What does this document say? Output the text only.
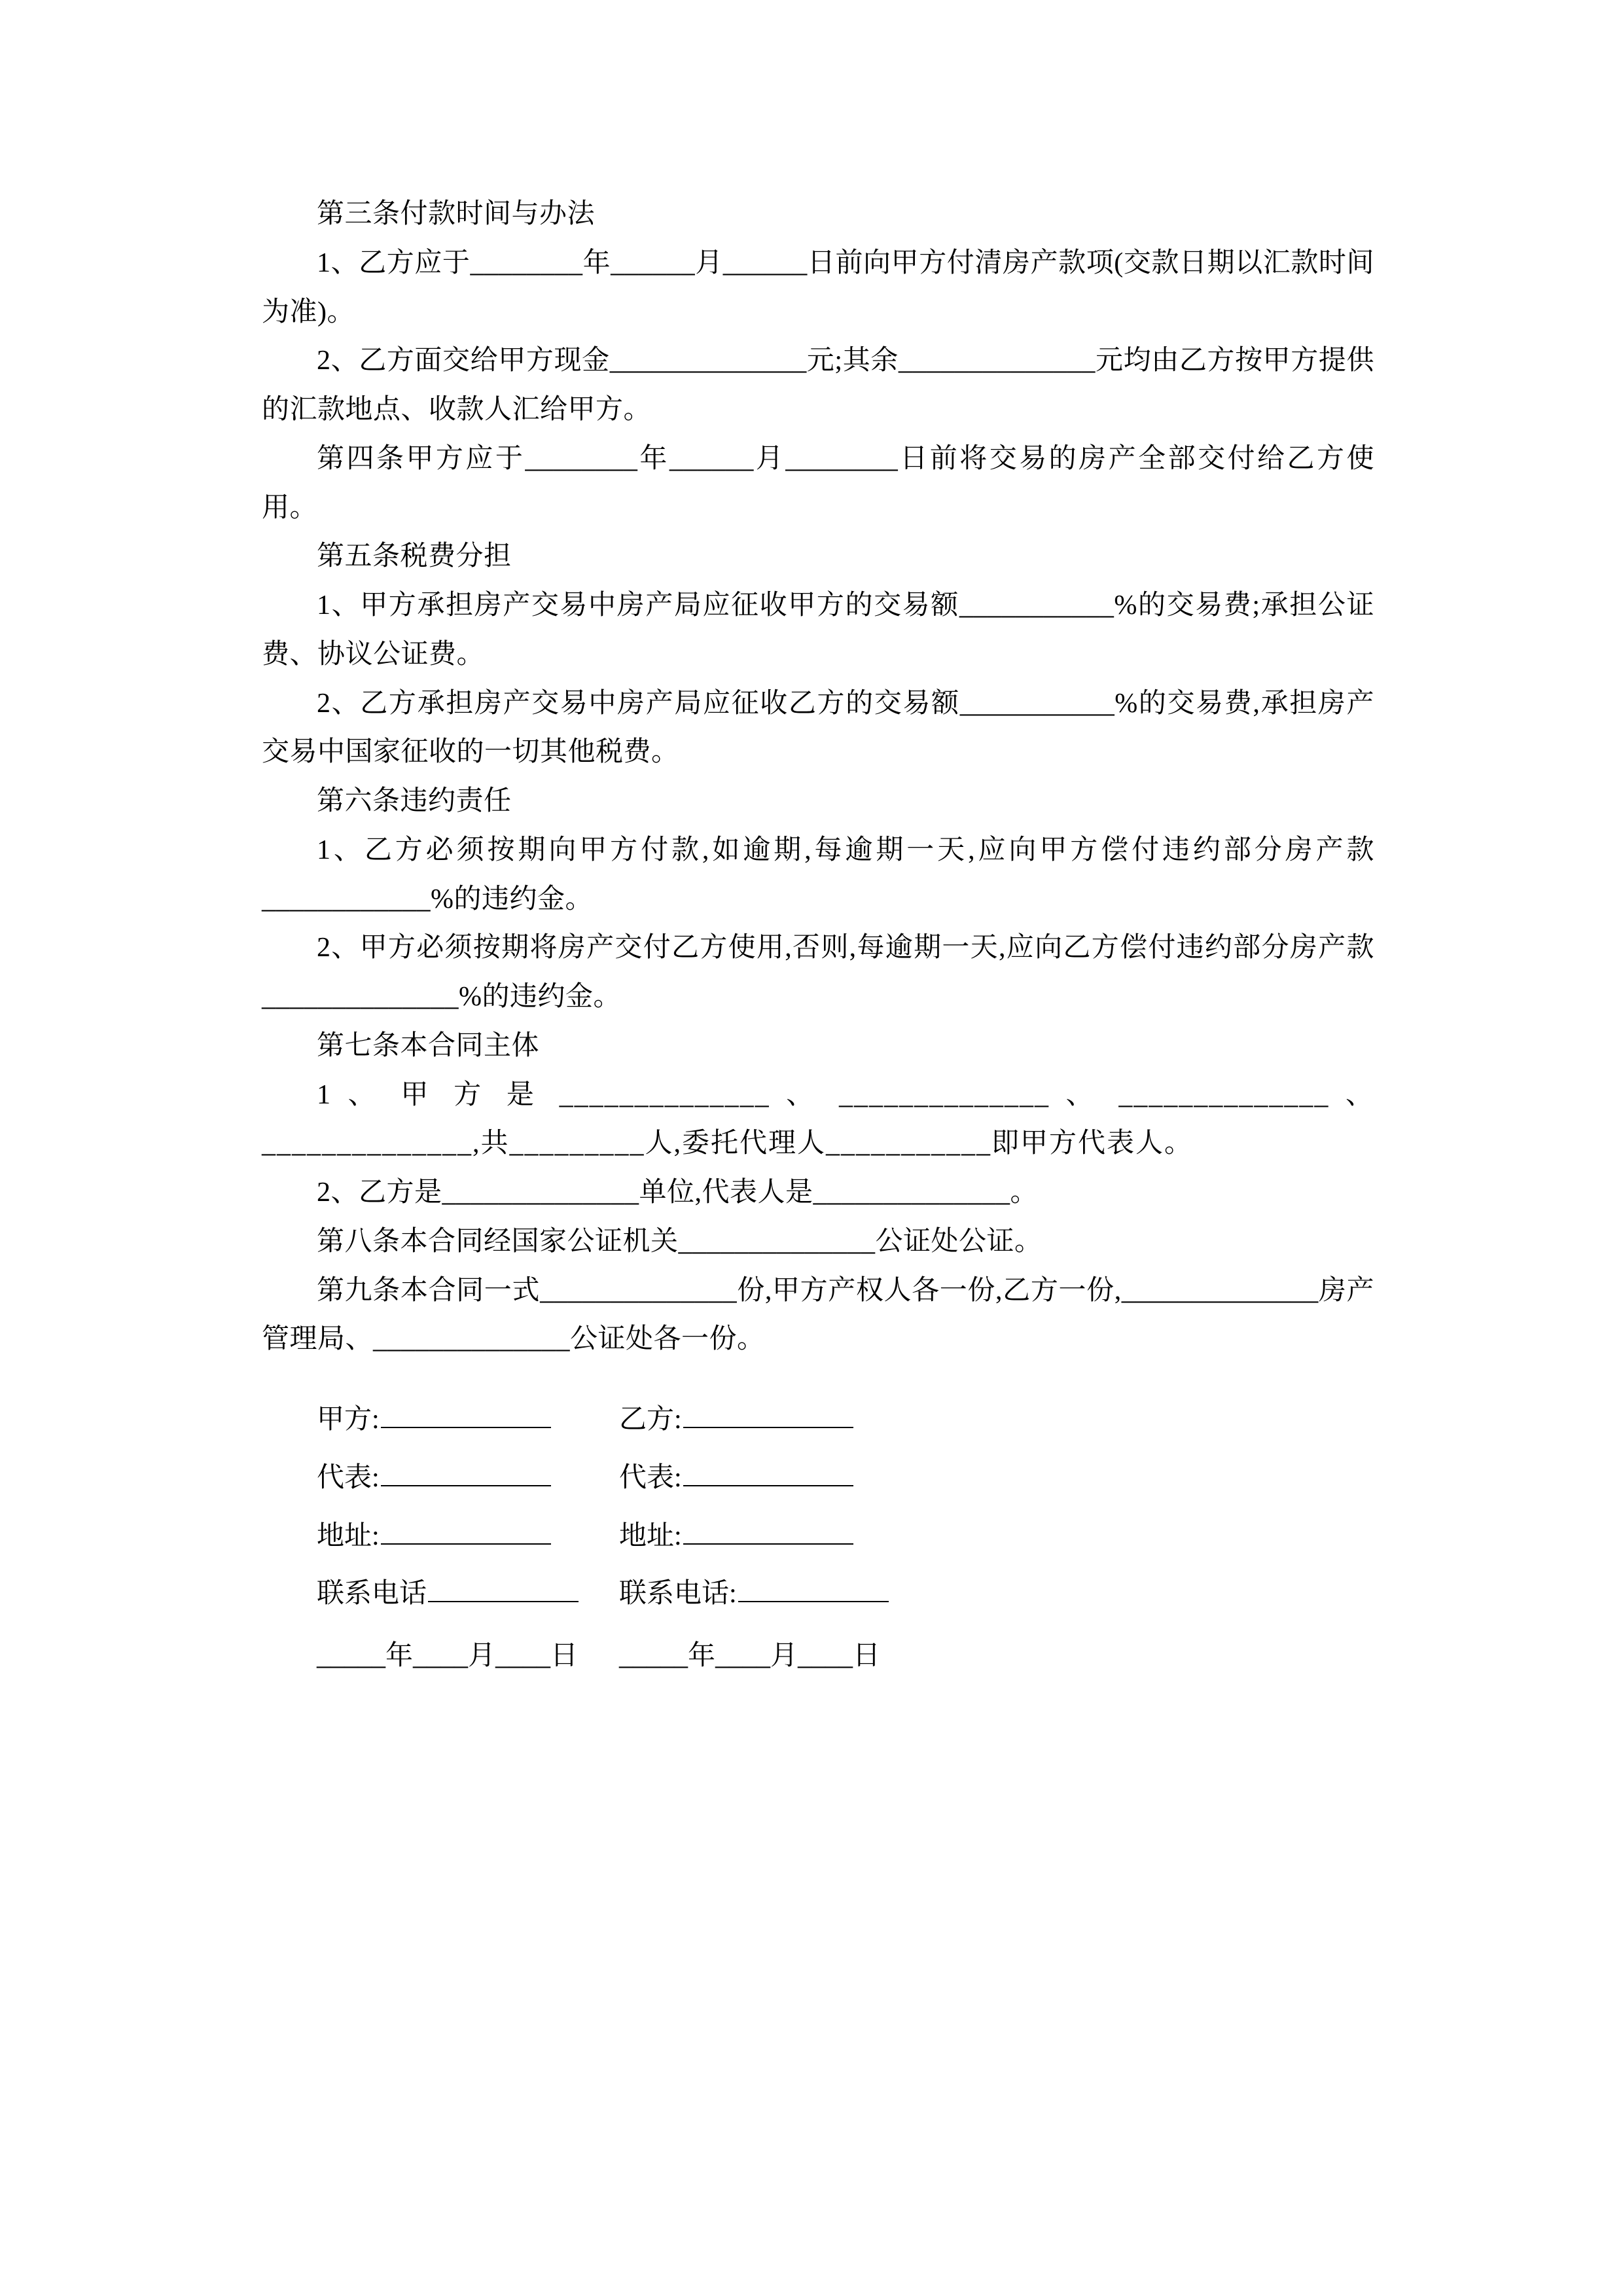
第三条付款时间与办法

1、乙方应于________年______月______日前向甲方付清房产款项(交款日期以汇款时间为准)。

2、乙方面交给甲方现金______________元;其余______________元均由乙方按甲方提供的汇款地点、收款人汇给甲方。

第四条甲方应于________年______月________日前将交易的房产全部交付给乙方使用。

第五条税费分担

1、甲方承担房产交易中房产局应征收甲方的交易额___________%的交易费;承担公证费、协议公证费。

2、乙方承担房产交易中房产局应征收乙方的交易额___________%的交易费,承担房产交易中国家征收的一切其他税费。

第六条违约责任

1、乙方必须按期向甲方付款,如逾期,每逾期一天,应向甲方偿付违约部分房产款____________%的违约金。

2、甲方必须按期将房产交付乙方使用,否则,每逾期一天,应向乙方偿付违约部分房产款______________%的违约金。

第七条本合同主体

1 、 甲 方 是 ______________ 、 ______________ 、 ______________ 、______________,共_________人,委托代理人___________即甲方代表人。

2、乙方是______________单位,代表人是______________。

第八条本合同经国家公证机关______________公证处公证。

第九条本合同一式______________份,甲方产权人各一份,乙方一份,______________房产管理局、______________公证处各一份。

甲方:	乙方:
代表:	代表:
地址:	地址:
联系电话	联系电话:
_____年____月____日	_____年____月____日
